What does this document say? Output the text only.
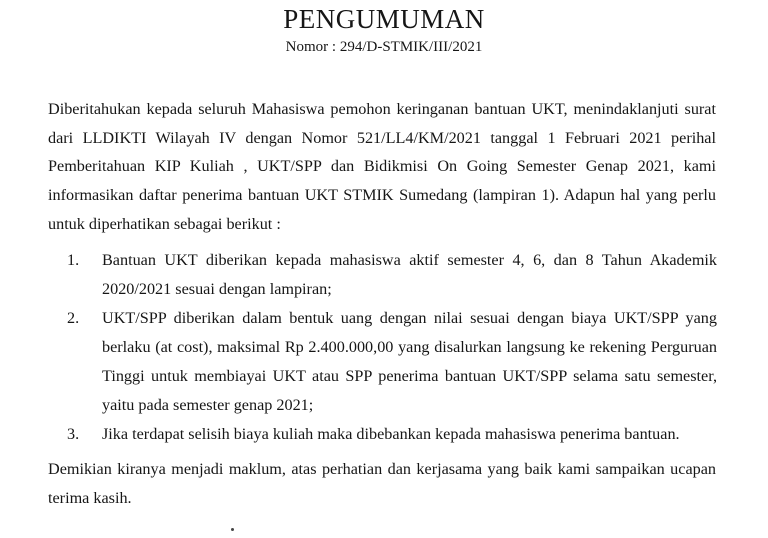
PENGUMUMAN
Nomor : 294/D-STMIK/III/2021
Diberitahukan kepada seluruh Mahasiswa pemohon keringanan bantuan UKT, menindaklanjuti surat dari LLDIKTI Wilayah IV dengan Nomor 521/LL4/KM/2021 tanggal 1 Februari 2021 perihal Pemberitahuan KIP Kuliah , UKT/SPP dan Bidikmisi On Going Semester Genap 2021, kami informasikan daftar penerima bantuan UKT STMIK Sumedang (lampiran 1). Adapun hal yang perlu untuk diperhatikan sebagai berikut :
1. Bantuan UKT diberikan kepada mahasiswa aktif semester 4, 6, dan 8 Tahun Akademik 2020/2021 sesuai dengan lampiran;
2. UKT/SPP diberikan dalam bentuk uang dengan nilai sesuai dengan biaya UKT/SPP yang berlaku (at cost), maksimal Rp 2.400.000,00 yang disalurkan langsung ke rekening Perguruan Tinggi untuk membiayai UKT atau SPP penerima bantuan UKT/SPP selama satu semester, yaitu pada semester genap 2021;
3. Jika terdapat selisih biaya kuliah maka dibebankan kepada mahasiswa penerima bantuan.
Demikian kiranya menjadi maklum, atas perhatian dan kerjasama yang baik kami sampaikan ucapan terima kasih.
